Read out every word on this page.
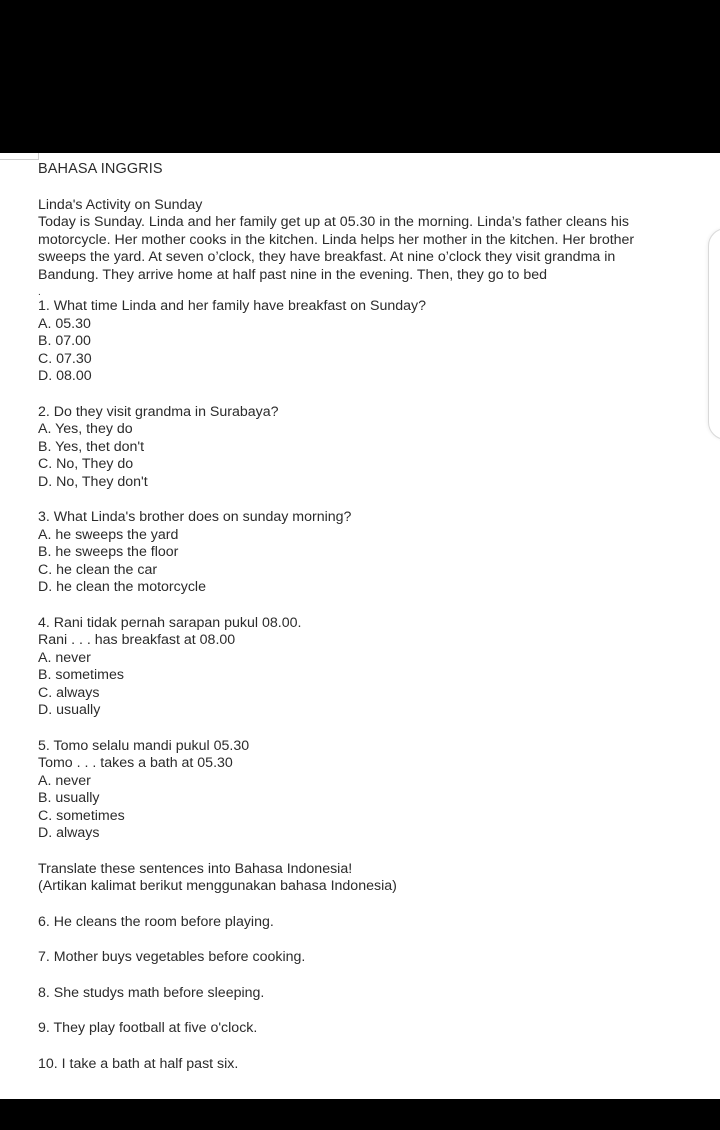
BAHASA INGGRIS

Linda's Activity on Sunday

Today is Sunday. Linda and her family get up at 05.30 in the morning. Linda’s father cleans his

motorcycle. Her mother cooks in the kitchen. Linda helps her mother in the kitchen. Her brother

sweeps the yard. At seven o’clock, they have breakfast. At nine o’clock they visit grandma in

Bandung. They arrive home at half past nine in the evening. Then, they go to bed

.

1. What time Linda and her family have breakfast on Sunday?

A. 05.30

B. 07.00

C. 07.30

D. 08.00

2. Do they visit grandma in Surabaya?

A. Yes, they do

B. Yes, thet don't

C. No, They do

D. No, They don't

3. What Linda's brother does on sunday morning?

A. he sweeps the yard

B. he sweeps the floor

C. he clean the car

D. he clean the motorcycle

4. Rani tidak pernah sarapan pukul 08.00.

Rani . . . has breakfast at 08.00

A. never

B. sometimes

C. always

D. usually

5. Tomo selalu mandi pukul 05.30

Tomo . . . takes a bath at 05.30

A. never

B. usually

C. sometimes

D. always

Translate these sentences into Bahasa Indonesia!

(Artikan kalimat berikut menggunakan bahasa Indonesia)

6. He cleans the room before playing.

7. Mother buys vegetables before cooking.

8. She studys math before sleeping.

9. They play football at five o'clock.

10. I take a bath at half past six.
